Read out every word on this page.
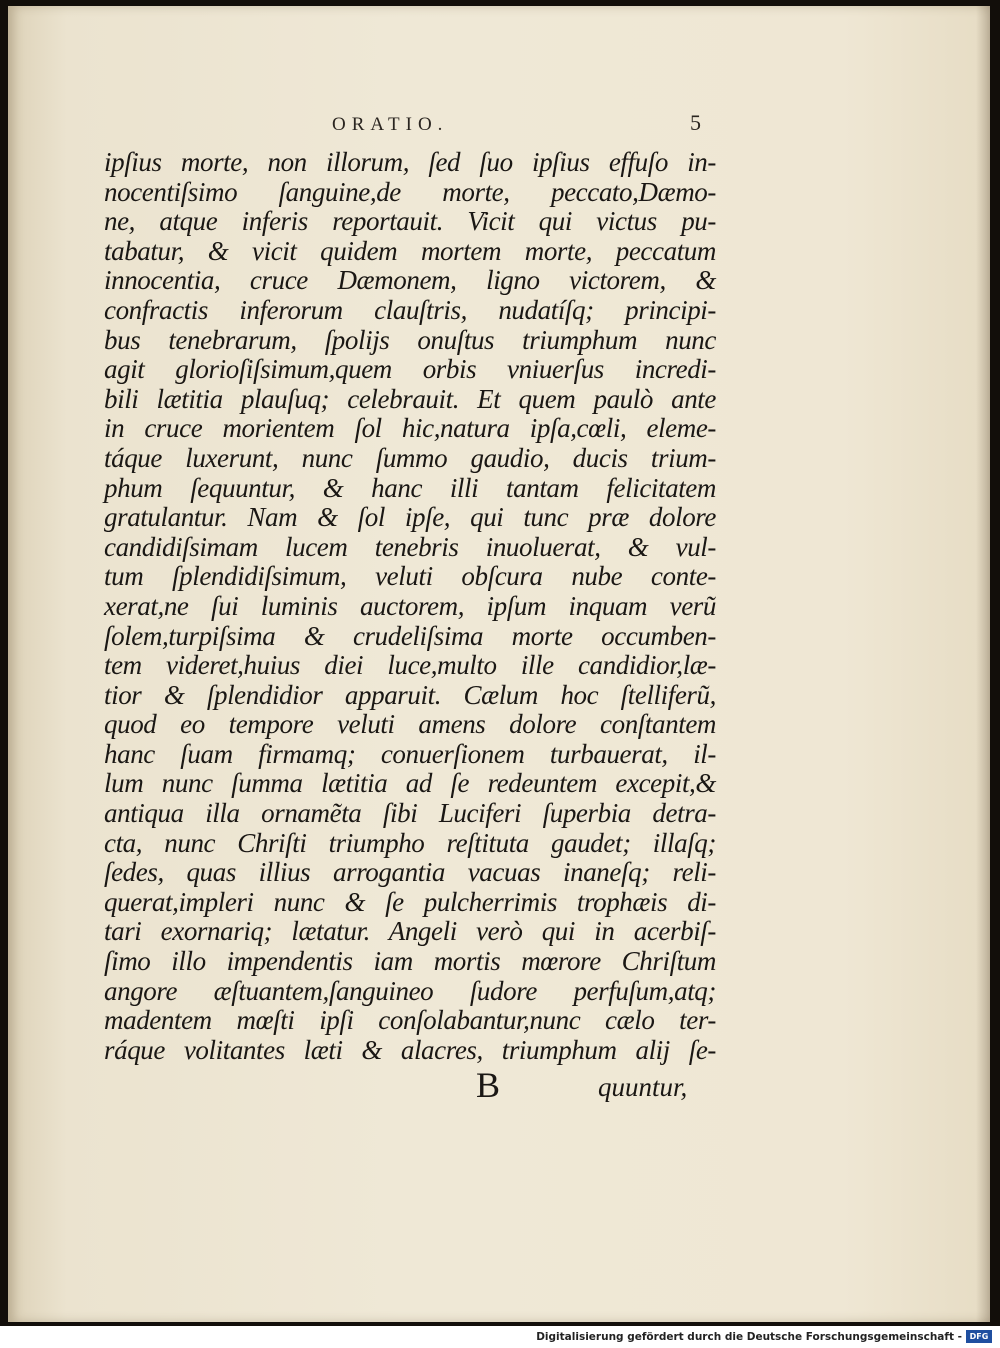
ORATIO.	5
ipſius morte, non illorum, ſed ſuo ipſius effuſo in-
nocentiſsimo ſanguine,de morte, peccato,Dæmo-
ne, atque inferis reportauit. Vicit qui victus pu-
tabatur, & vicit quidem mortem morte, peccatum
innocentia, cruce Dæmonem, ligno victorem, &
confractis inferorum clauſtris, nudatíſq; principi-
bus tenebrarum, ſpolijs onuſtus triumphum nunc
agit glorioſiſsimum,quem orbis vniuerſus incredi-
bili lætitia plauſuq; celebrauit. Et quem paulò ante
in cruce morientem ſol hic,natura ipſa,cœli, eleme-
táque luxerunt, nunc ſummo gaudio, ducis trium-
phum ſequuntur, & hanc illi tantam felicitatem
gratulantur. Nam & ſol ipſe, qui tunc præ dolore
candidiſsimam lucem tenebris inuoluerat, & vul-
tum ſplendidiſsimum, veluti obſcura nube conte-
xerat,ne ſui luminis auctorem, ipſum inquam verũ
ſolem,turpiſsima & crudeliſsima morte occumben-
tem videret,huius diei luce,multo ille candidior,læ-
tior & ſplendidior apparuit. Cælum hoc ſtelliferũ,
quod eo tempore veluti amens dolore conſtantem
hanc ſuam firmamq; conuerſionem turbauerat, il-
lum nunc ſumma lætitia ad ſe redeuntem excepit,&
antiqua illa ornamẽta ſibi Luciferi ſuperbia detra-
cta, nunc Chriſti triumpho reſtituta gaudet; illaſq;
ſedes, quas illius arrogantia vacuas inaneſq; reli-
querat,impleri nunc & ſe pulcherrimis trophæis di-
tari exornariq; lætatur. Angeli verò qui in acerbiſ-
ſimo illo impendentis iam mortis mœrore Chriſtum
angore æſtuantem,ſanguineo ſudore perfuſum,atq;
madentem mœſti ipſi conſolabantur,nunc cælo ter-
ráque volitantes læti & alacres, triumphum alij ſe-
B	quuntur,
Digitalisierung gefördert durch die Deutsche Forschungsgemeinschaft - DFG
